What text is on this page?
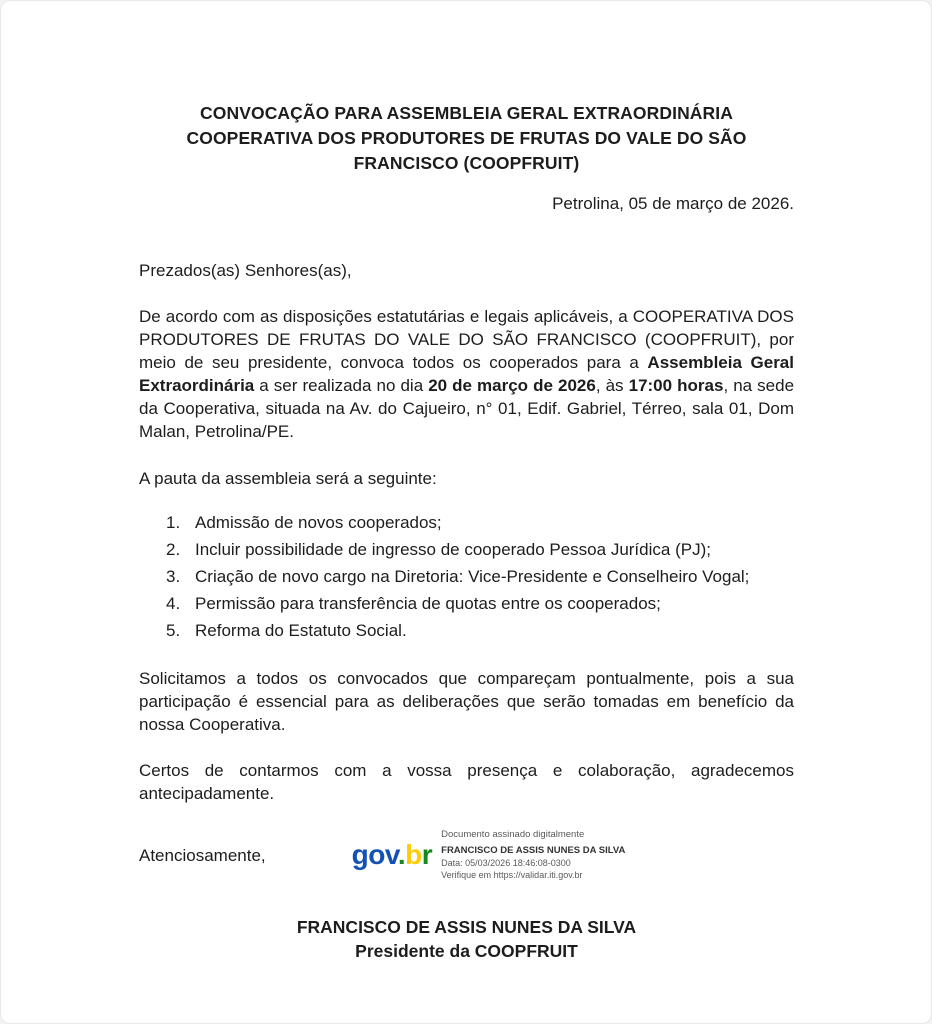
CONVOCAÇÃO PARA ASSEMBLEIA GERAL EXTRAORDINÁRIA
COOPERATIVA DOS PRODUTORES DE FRUTAS DO VALE DO SÃO
FRANCISCO (COOPFRUIT)
Petrolina, 05 de março de 2026.

Prezados(as) Senhores(as),

De acordo com as disposições estatutárias e legais aplicáveis, a COOPERATIVA DOS PRODUTORES DE FRUTAS DO VALE DO SÃO FRANCISCO (COOPFRUIT), por meio de seu presidente, convoca todos os cooperados para a Assembleia Geral Extraordinária a ser realizada no dia 20 de março de 2026, às 17:00 horas, na sede da Cooperativa, situada na Av. do Cajueiro, n° 01, Edif. Gabriel, Térreo, sala 01, Dom Malan, Petrolina/PE.

A pauta da assembleia será a seguinte:

1. Admissão de novos cooperados;
2. Incluir possibilidade de ingresso de cooperado Pessoa Jurídica (PJ);
3. Criação de novo cargo na Diretoria: Vice-Presidente e Conselheiro Vogal;
4. Permissão para transferência de quotas entre os cooperados;
5. Reforma do Estatuto Social.

Solicitamos a todos os convocados que compareçam pontualmente, pois a sua participação é essencial para as deliberações que serão tomadas em benefício da nossa Cooperativa.

Certos de contarmos com a vossa presença e colaboração, agradecemos antecipadamente.

Atenciosamente,	gov.br
Documento assinado digitalmente
FRANCISCO DE ASSIS NUNES DA SILVA
Data: 05/03/2026 18:46:08-0300
Verifique em https://validar.iti.gov.br
FRANCISCO DE ASSIS NUNES DA SILVA
Presidente da COOPFRUIT
